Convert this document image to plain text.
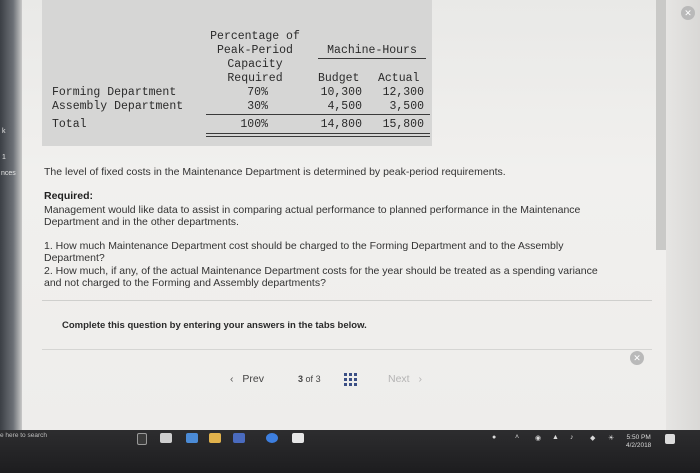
k
1
nces
Percentage of
Peak-Period
Capacity
Required
Machine-Hours
Budget Actual
Forming Department	70%	10,300	12,300
Assembly Department	30%	4,500	3,500
Total	100%	14,800	15,800
The level of fixed costs in the Maintenance Department is determined by peak-period requirements.
Required:
Management would like data to assist in comparing actual performance to planned performance in the Maintenance
Department and in the other departments.
1. How much Maintenance Department cost should be charged to the Forming Department and to the Assembly
Department?
2. How much, if any, of the actual Maintenance Department costs for the year should be treated as a spending variance
and not charged to the Forming and Assembly departments?
Complete this question by entering your answers in the tabs below.
‹ Prev	3 of 3	Next ›
✕
✕
e here to search	●	˄ ◉ ▲ ♪ ◆ ☀ 5:50 PM
4/2/2018
